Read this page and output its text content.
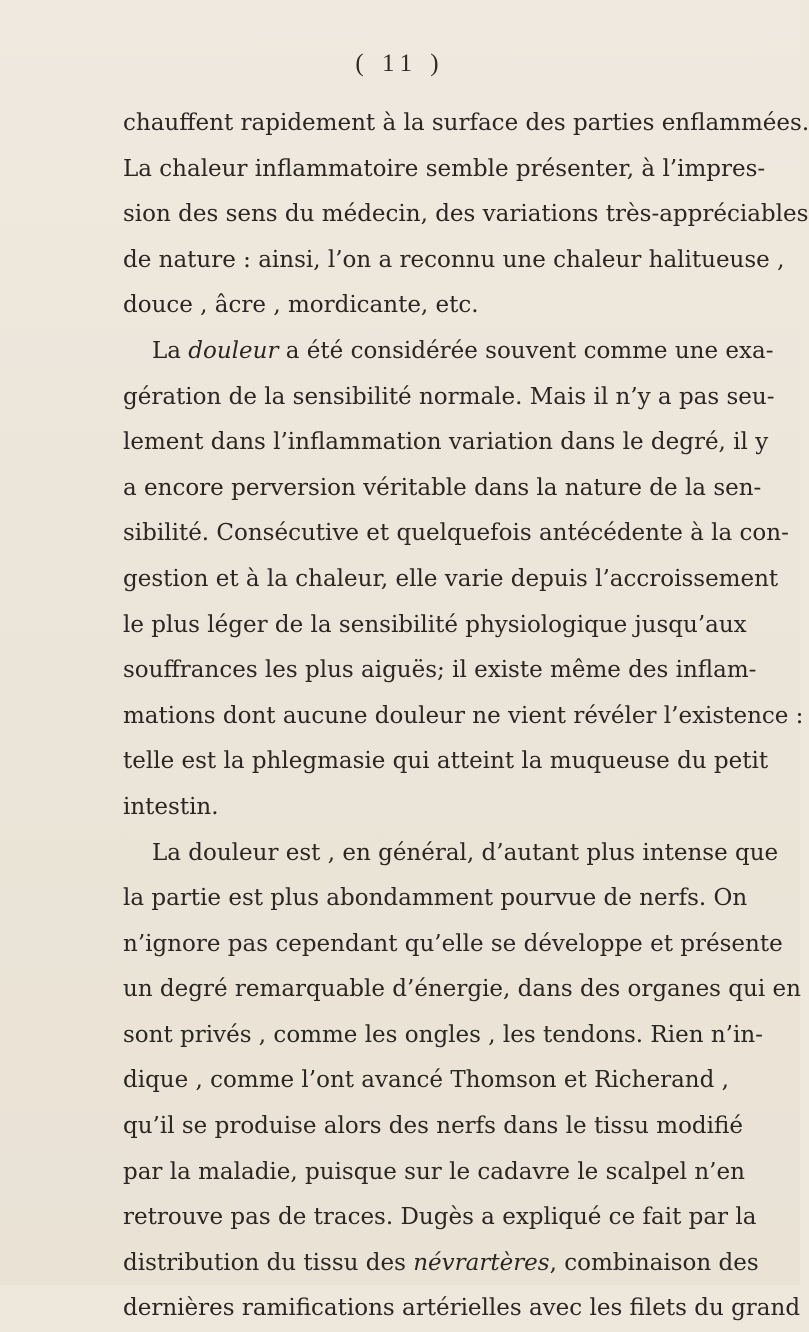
( 11 )
chauffent rapidement à la surface des parties enflammées.
La chaleur inflammatoire semble présenter, à l’impres-
sion des sens du médecin, des variations très-appréciables
de nature : ainsi, l’on a reconnu une chaleur halitueuse ,
douce , âcre , mordicante, etc.
La douleur a été considérée souvent comme une exa-
gération de la sensibilité normale. Mais il n’y a pas seu-
lement dans l’inflammation variation dans le degré, il y
a encore perversion véritable dans la nature de la sen-
sibilité. Consécutive et quelquefois antécédente à la con-
gestion et à la chaleur, elle varie depuis l’accroissement
le plus léger de la sensibilité physiologique jusqu’aux
souffrances les plus aiguës; il existe même des inflam-
mations dont aucune douleur ne vient révéler l’existence :
telle est la phlegmasie qui atteint la muqueuse du petit
intestin.
La douleur est , en général, d’autant plus intense que
la partie est plus abondamment pourvue de nerfs. On
n’ignore pas cependant qu’elle se développe et présente
un degré remarquable d’énergie, dans des organes qui en
sont privés , comme les ongles , les tendons. Rien n’in-
dique , comme l’ont avancé Thomson et Richerand ,
qu’il se produise alors des nerfs dans le tissu modifié
par la maladie, puisque sur le cadavre le scalpel n’en
retrouve pas de traces. Dugès a expliqué ce fait par la
distribution du tissu des névrartères, combinaison des
dernières ramifications artérielles avec les filets du grand
